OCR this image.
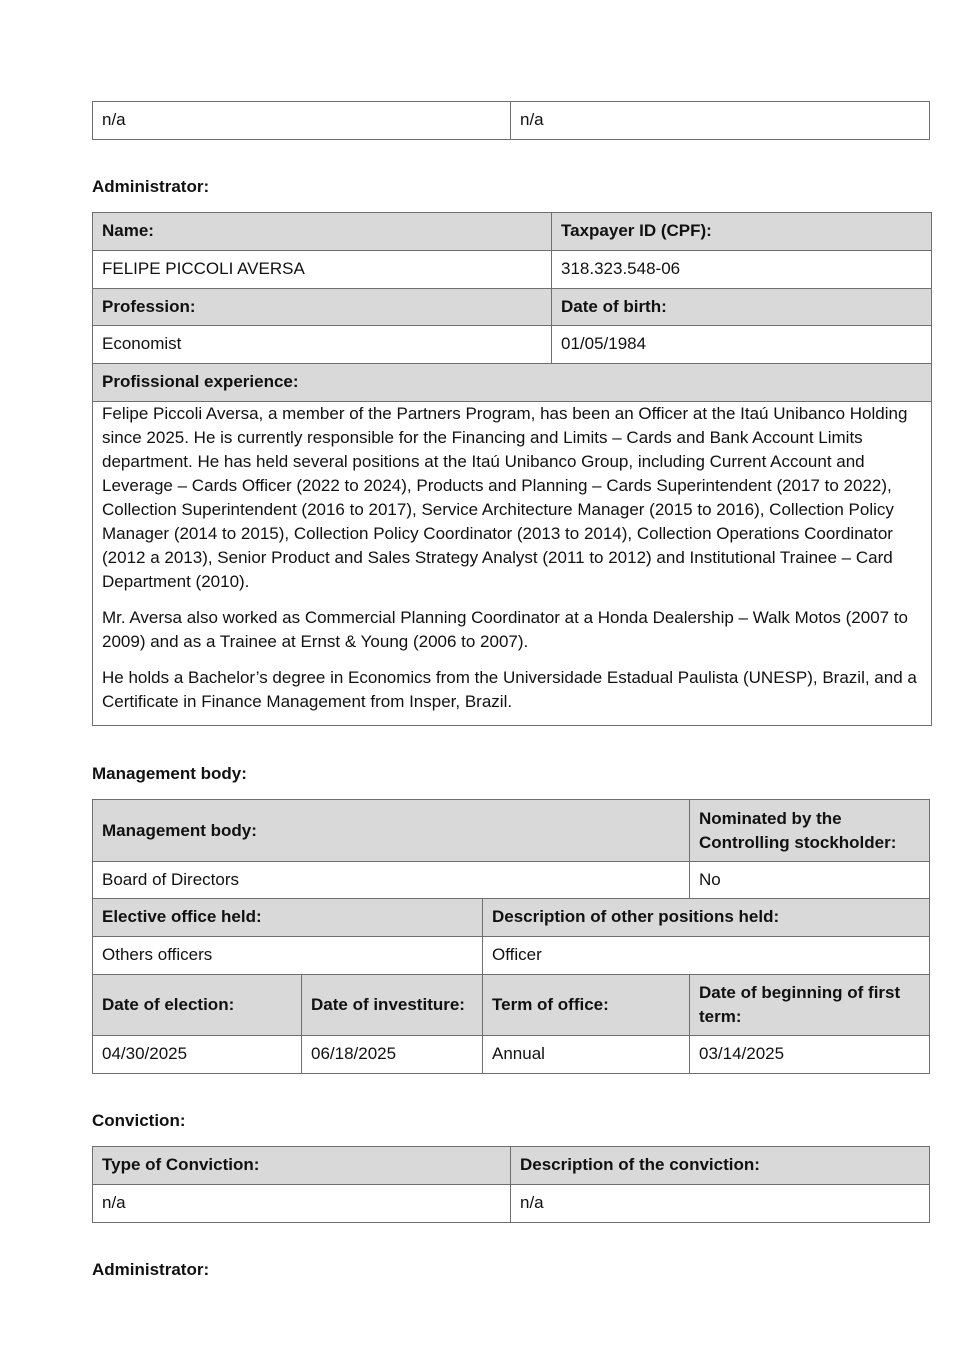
n/a	n/a
Administrator:
Name:	Taxpayer ID (CPF):
FELIPE PICCOLI AVERSA	318.323.548-06
Profession:	Date of birth:
Economist	01/05/1984
Profissional experience:	

Felipe Piccoli Aversa, a member of the Partners Program, has been an Officer at the Itaú Unibanco Holding since 2025. He is currently responsible for the Financing and Limits – Cards and Bank Account Limits department. He has held several positions at the Itaú Unibanco Group, including Current Account and Leverage – Cards Officer (2022 to 2024), Products and Planning – Cards Superintendent (2017 to 2022), Collection Superintendent (2016 to 2017), Service Architecture Manager (2015 to 2016), Collection Policy Manager (2014 to 2015), Collection Policy Coordinator (2013 to 2014), Collection Operations Coordinator (2012 a 2013), Senior Product and Sales Strategy Analyst (2011 to 2012) and Institutional Trainee – Card Department (2010).

Mr. Aversa also worked as Commercial Planning Coordinator at a Honda Dealership – Walk Motos (2007 to 2009) and as a Trainee at Ernst & Young (2006 to 2007).

He holds a Bachelor’s degree in Economics from the Universidade Estadual Paulista (UNESP), Brazil, and a Certificate in Finance Management from Insper, Brazil.	

Management body:
Management body:			Nominated by the Controlling stockholder:
Board of Directors			No
Elective office held:		Description of other positions held:	
Others officers		Officer	
Date of election:	Date of investiture:	Term of office:	Date of beginning of first term:
04/30/2025	06/18/2025	Annual	03/14/2025
Conviction:
Type of Conviction:	Description of the conviction:
n/a	n/a
Administrator:
